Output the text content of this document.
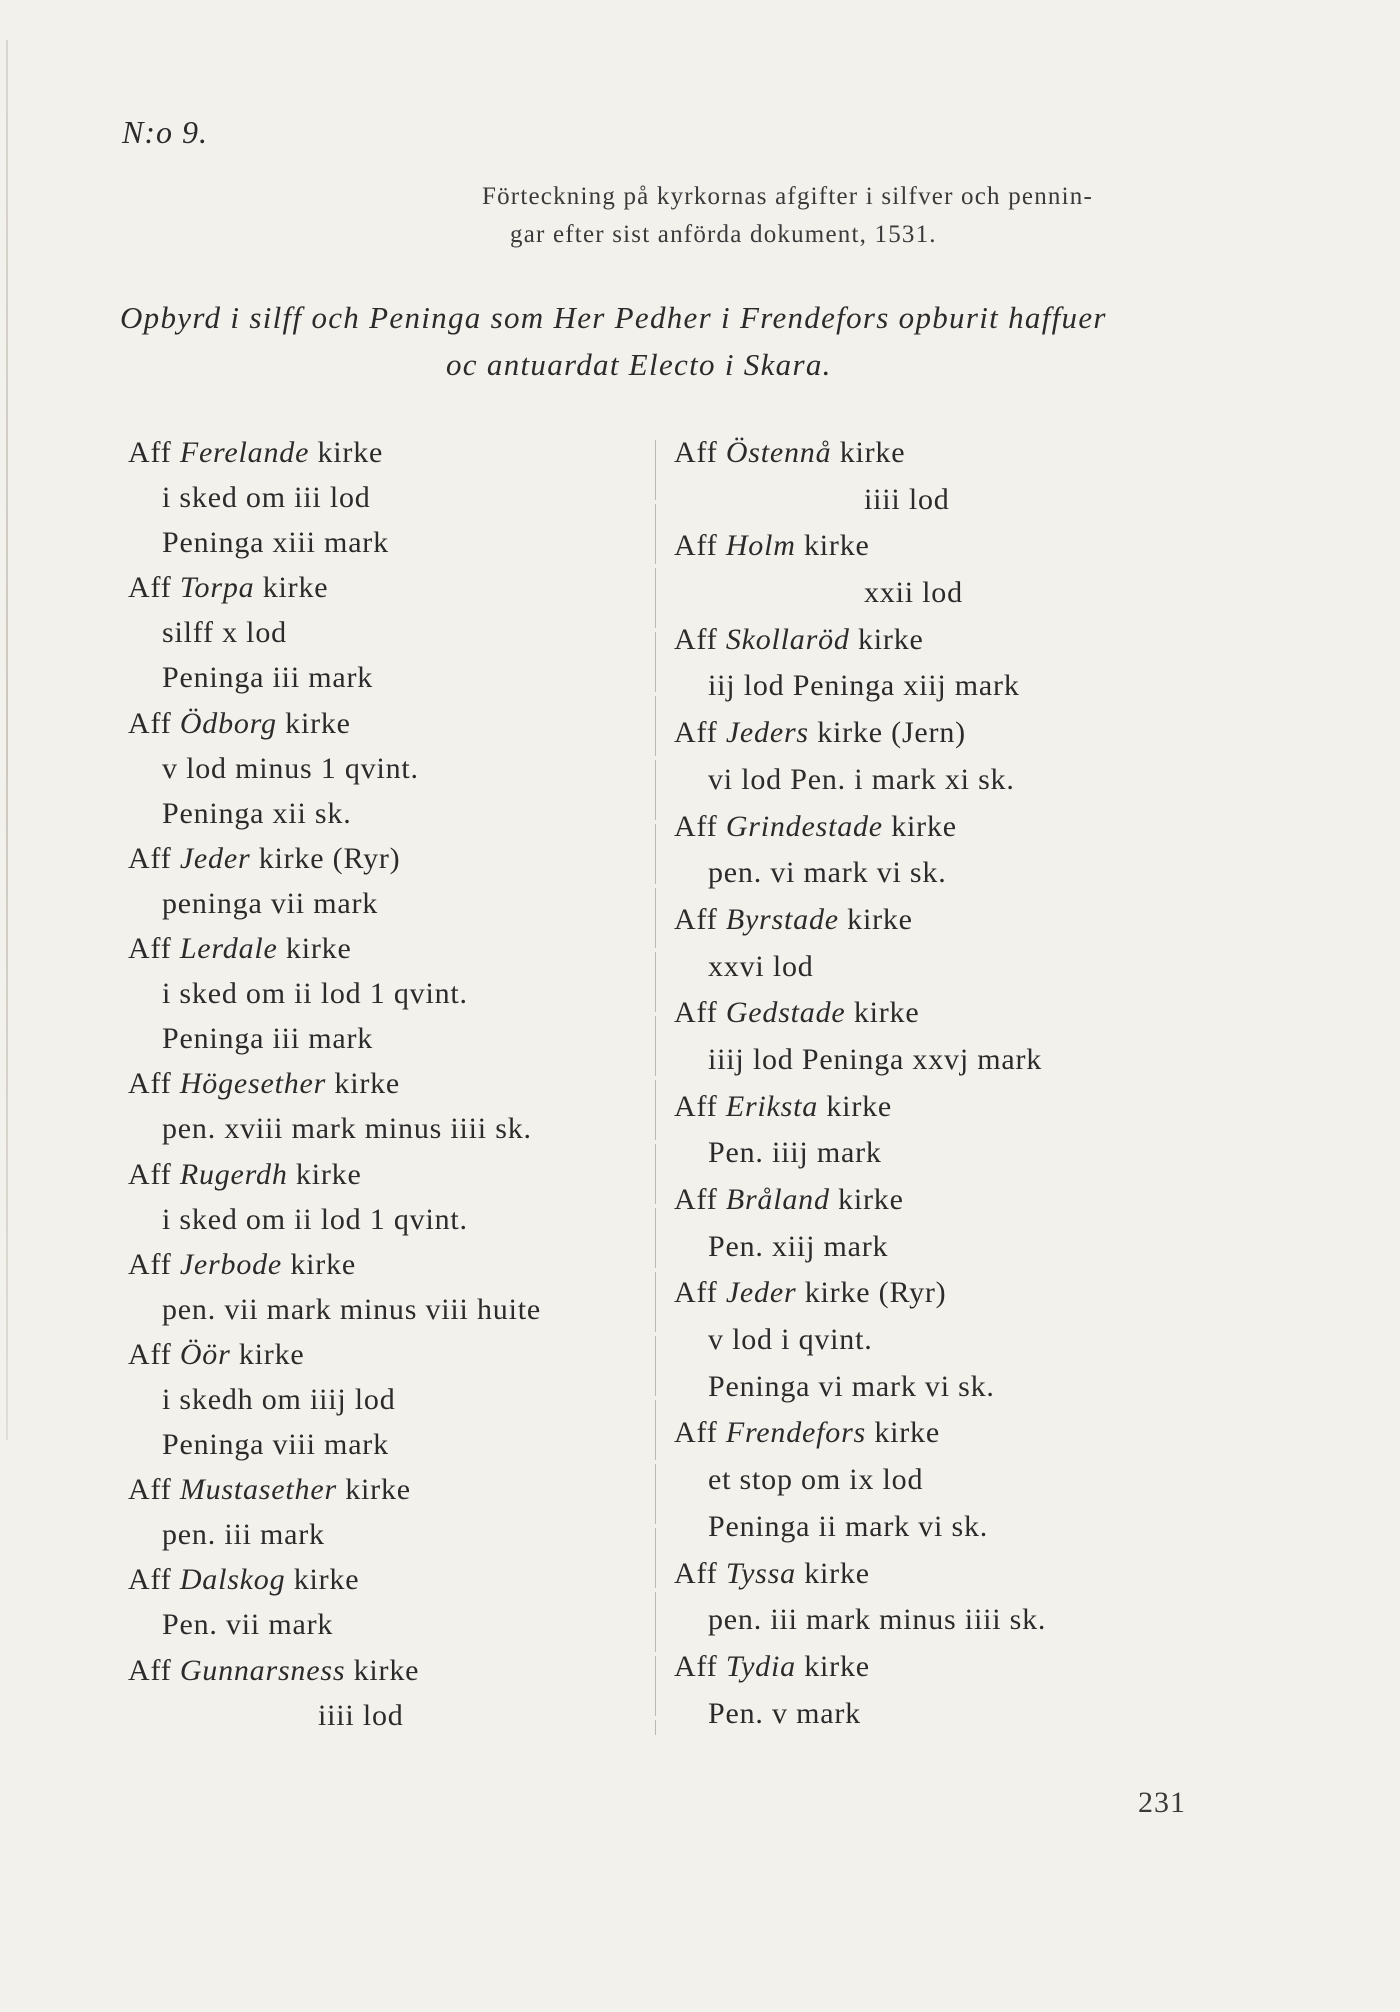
N:o 9.
Förteckning på kyrkornas afgifter i silfver och pennin-
gar efter sist anförda dokument, 1531.
Opbyrd i silff och Peninga som Her Pedher i Frendefors opburit haffuer
oc antuardat Electo i Skara.
Aff Ferelande kirke
i sked om iii lod
Peninga xiii mark
Aff Torpa kirke
silff x lod
Peninga iii mark
Aff Ödborg kirke
v lod minus 1 qvint.
Peninga xii sk.
Aff Jeder kirke (Ryr)
peninga vii mark
Aff Lerdale kirke
i sked om ii lod 1 qvint.
Peninga iii mark
Aff Högesether kirke
pen. xviii mark minus iiii sk.
Aff Rugerdh kirke
i sked om ii lod 1 qvint.
Aff Jerbode kirke
pen. vii mark minus viii huite
Aff Öör kirke
i skedh om iiij lod
Peninga viii mark
Aff Mustasether kirke
pen. iii mark
Aff Dalskog kirke
Pen. vii mark
Aff Gunnarsness kirke
iiii lod
Aff Östennå kirke
iiii lod
Aff Holm kirke
xxii lod
Aff Skollaröd kirke
iij lod Peninga xiij mark
Aff Jeders kirke (Jern)
vi lod Pen. i mark xi sk.
Aff Grindestade kirke
pen. vi mark vi sk.
Aff Byrstade kirke
xxvi lod
Aff Gedstade kirke
iiij lod Peninga xxvj mark
Aff Eriksta kirke
Pen. iiij mark
Aff Bråland kirke
Pen. xiij mark
Aff Jeder kirke (Ryr)
v lod i qvint.
Peninga vi mark vi sk.
Aff Frendefors kirke
et stop om ix lod
Peninga ii mark vi sk.
Aff Tyssa kirke
pen. iii mark minus iiii sk.
Aff Tydia kirke
Pen. v mark
231
